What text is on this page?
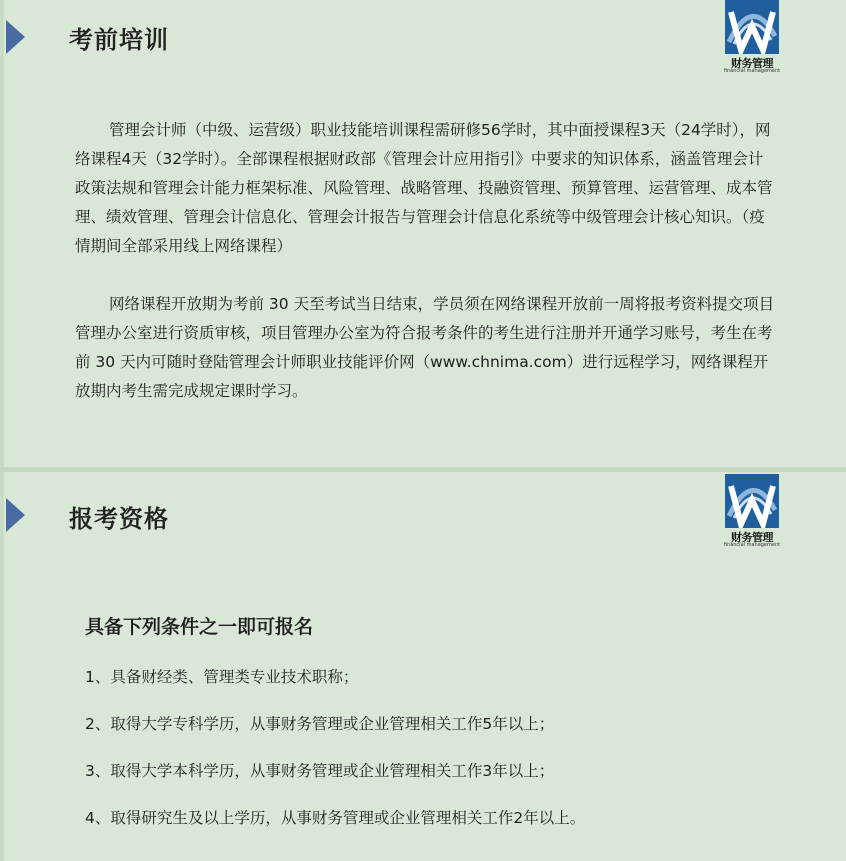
考前培训
财务管理
financial management

管理会计师（中级、运营级）职业技能培训课程需研修56学时，其中面授课程3天（24学时），网络课程4天（32学时）。全部课程根据财政部《管理会计应用指引》中要求的知识体系，涵盖管理会计政策法规和管理会计能力框架标准、风险管理、战略管理、投融资管理、预算管理、运营管理、成本管理、绩效管理、管理会计信息化、管理会计报告与管理会计信息化系统等中级管理会计核心知识。（疫情期间全部采用线上网络课程）

网络课程开放期为考前 30 天至考试当日结束，学员须在网络课程开放前一周将报考资料提交项目管理办公室进行资质审核，项目管理办公室为符合报考条件的考生进行注册并开通学习账号，考生在考前 30 天内可随时登陆管理会计师职业技能评价网（www.chnima.com）进行远程学习，网络课程开放期内考生需完成规定课时学习。

报考资格
财务管理
financial management
具备下列条件之一即可报名

1、具备财经类、管理类专业技术职称；

2、取得大学专科学历，从事财务管理或企业管理相关工作5年以上；

3、取得大学本科学历，从事财务管理或企业管理相关工作3年以上；

4、取得研究生及以上学历，从事财务管理或企业管理相关工作2年以上。
